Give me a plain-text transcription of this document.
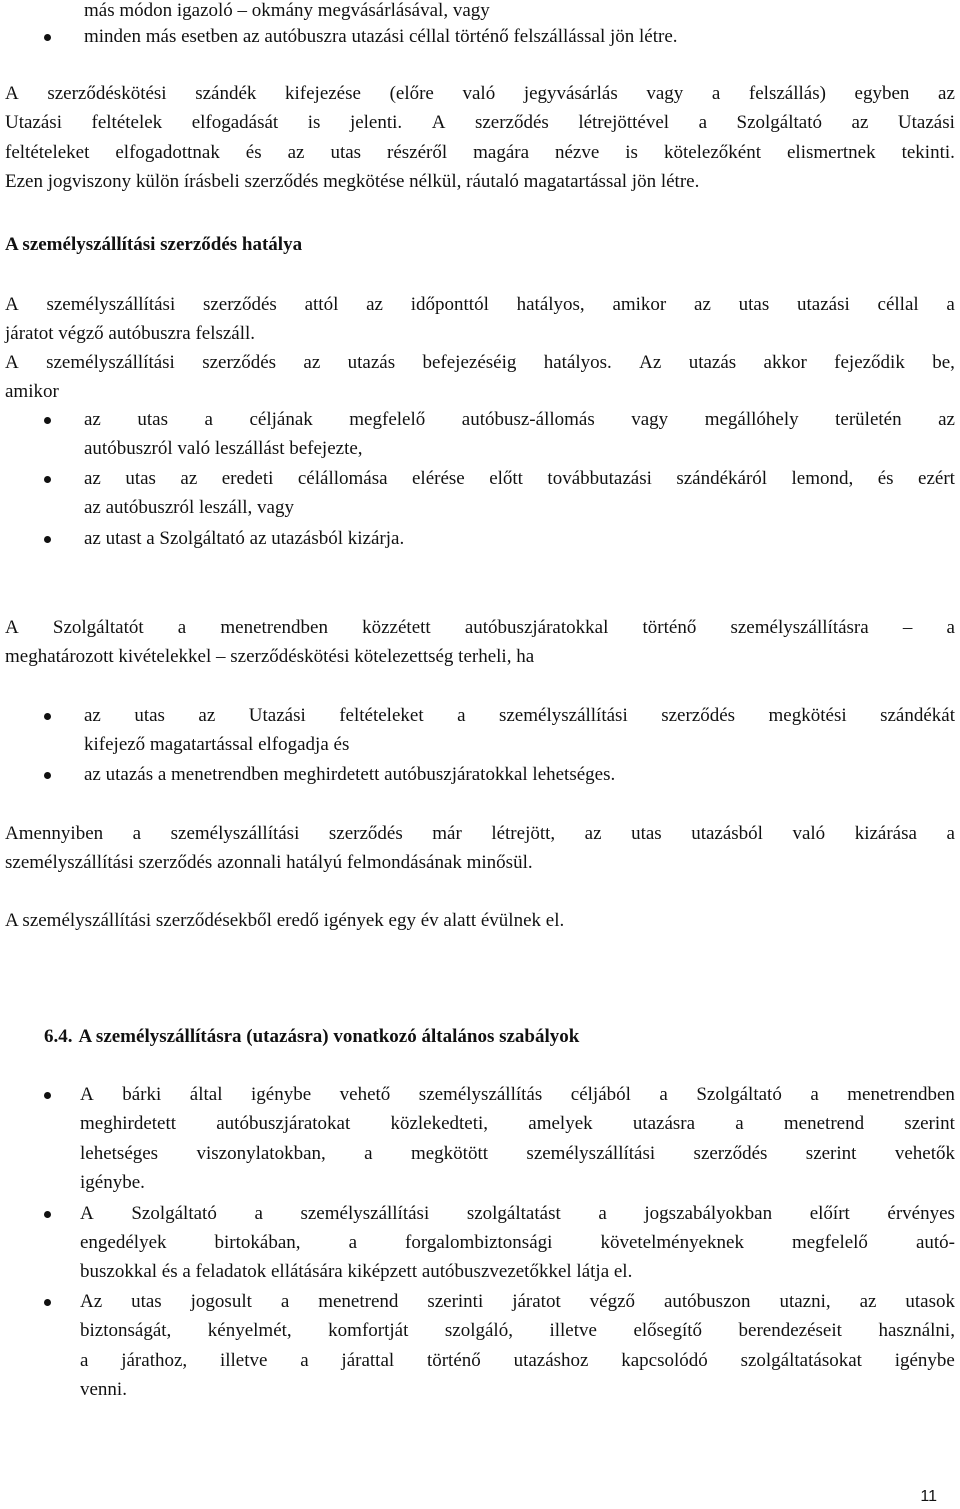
más módon igazoló – okmány megvásárlásával, vagy
minden más esetben az autóbuszra utazási céllal történő felszállással jön létre.
A szerződéskötési szándék kifejezése (előre való jegyvásárlás vagy a felszállás) egyben az
Utazási feltételek elfogadását is jelenti. A szerződés létrejöttével a Szolgáltató az Utazási
feltételeket elfogadottnak és az utas részéről magára nézve is kötelezőként elismertnek tekinti.
Ezen jogviszony külön írásbeli szerződés megkötése nélkül, ráutaló magatartással jön létre.
A személyszállítási szerződés hatálya
A személyszállítási szerződés attól az időponttól hatályos, amikor az utas utazási céllal a
járatot végző autóbuszra felszáll.
A személyszállítási szerződés az utazás befejezéséig hatályos. Az utazás akkor fejeződik be,
amikor
az utas a céljának megfelelő autóbusz-állomás vagy megállóhely területén az
autóbuszról való leszállást befejezte,
az utas az eredeti célállomása elérése előtt továbbutazási szándékáról lemond, és ezért
az autóbuszról leszáll, vagy
az utast a Szolgáltató az utazásból kizárja.
A Szolgáltatót a menetrendben közzétett autóbuszjáratokkal történő személyszállításra – a
meghatározott kivételekkel – szerződéskötési kötelezettség terheli, ha
az utas az Utazási feltételeket a személyszállítási szerződés megkötési szándékát
kifejező magatartással elfogadja és
az utazás a menetrendben meghirdetett autóbuszjáratokkal lehetséges.
Amennyiben a személyszállítási szerződés már létrejött, az utas utazásból való kizárása a
személyszállítási szerződés azonnali hatályú felmondásának minősül.
A személyszállítási szerződésekből eredő igények egy év alatt évülnek el.
6.4. A személyszállításra (utazásra) vonatkozó általános szabályok
A bárki által igénybe vehető személyszállítás céljából a Szolgáltató a menetrendben
meghirdetett autóbuszjáratokat közlekedteti, amelyek utazásra a menetrend szerint
lehetséges viszonylatokban, a megkötött személyszállítási szerződés szerint vehetők
igénybe.
A Szolgáltató a személyszállítási szolgáltatást a jogszabályokban előírt érvényes
engedélyek	birtokában,	a	forgalombiztonsági	követelményeknek	megfelelő	autó-
buszokkal és a feladatok ellátására kiképzett autóbuszvezetőkkel látja el.
Az utas jogosult a menetrend szerinti járatot végző autóbuszon utazni, az utasok
biztonságát, kényelmét, komfortját szolgáló, illetve elősegítő berendezéseit használni,
a járathoz, illetve a járattal történő utazáshoz kapcsolódó szolgáltatásokat igénybe
venni.
11
